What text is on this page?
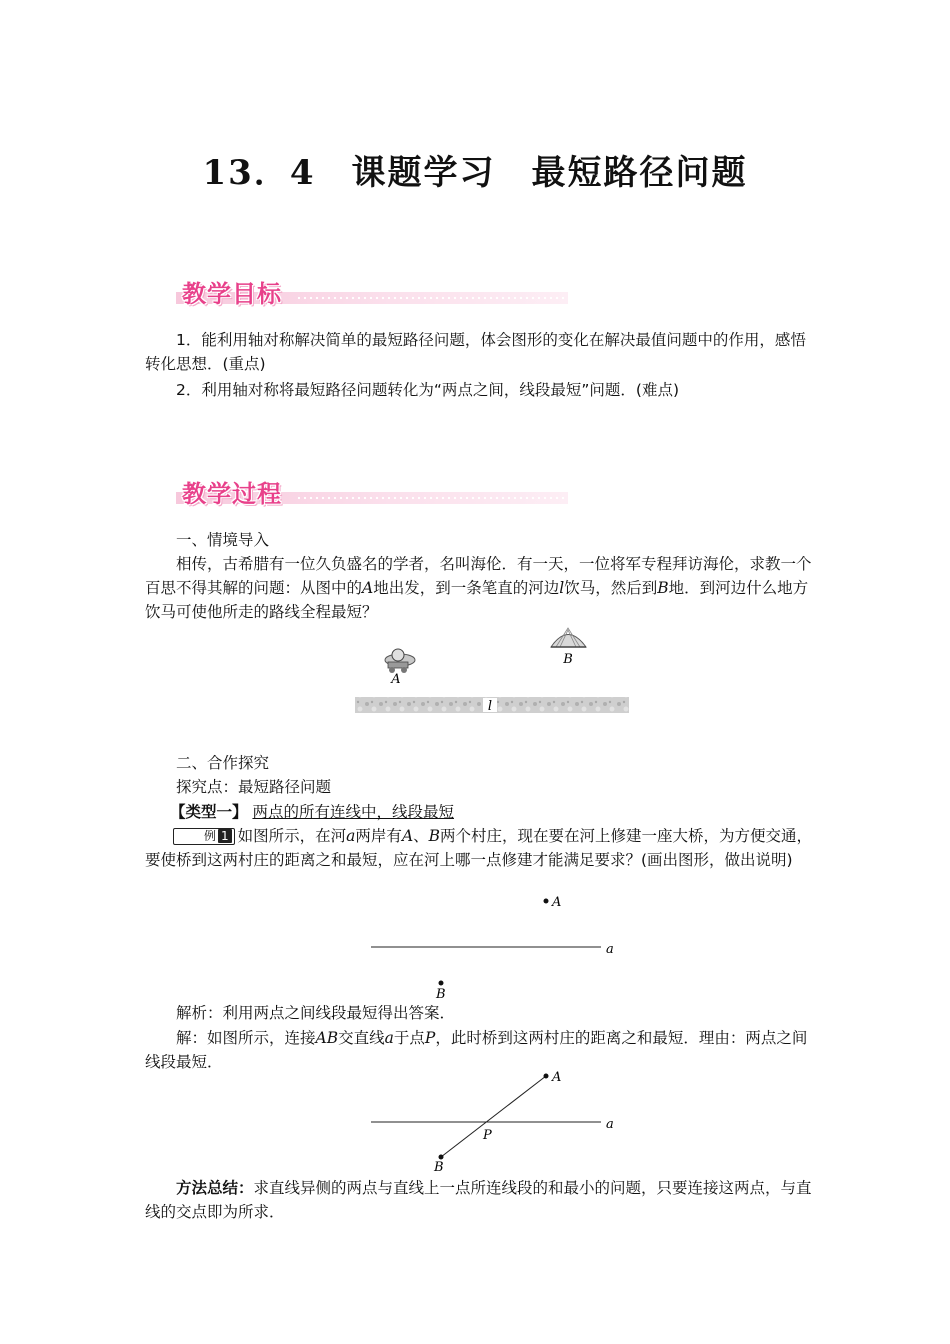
13．4　课题学习　最短路径问题
教学目标
1．能利用轴对称解决简单的最短路径问题，体会图形的变化在解决最值问题中的作用，感悟转化思想．(重点)
2．利用轴对称将最短路径问题转化为“两点之间，线段最短”问题．(难点)
教学过程
一、情境导入
相传，古希腊有一位久负盛名的学者，名叫海伦．有一天，一位将军专程拜访海伦，求教一个百思不得其解的问题：从图中的A地出发，到一条笔直的河边l饮马，然后到B地．到河边什么地方饮马可使他所走的路线全程最短？
l
A
B
二、合作探究
探究点：最短路径问题
【类型一】 两点的所有连线中，线段最短
例 1 如图所示，在河a两岸有A、B两个村庄，现在要在河上修建一座大桥，为方便交通，要使桥到这两村庄的距离之和最短，应在河上哪一点修建才能满足要求？(画出图形，做出说明)
A
a
B
解析：利用两点之间线段最短得出答案．
解：如图所示，连接AB交直线a于点P，此时桥到这两村庄的距离之和最短．理由：两点之间线段最短．
A
a
P
B
方法总结：求直线异侧的两点与直线上一点所连线段的和最小的问题，只要连接这两点，与直线的交点即为所求．
